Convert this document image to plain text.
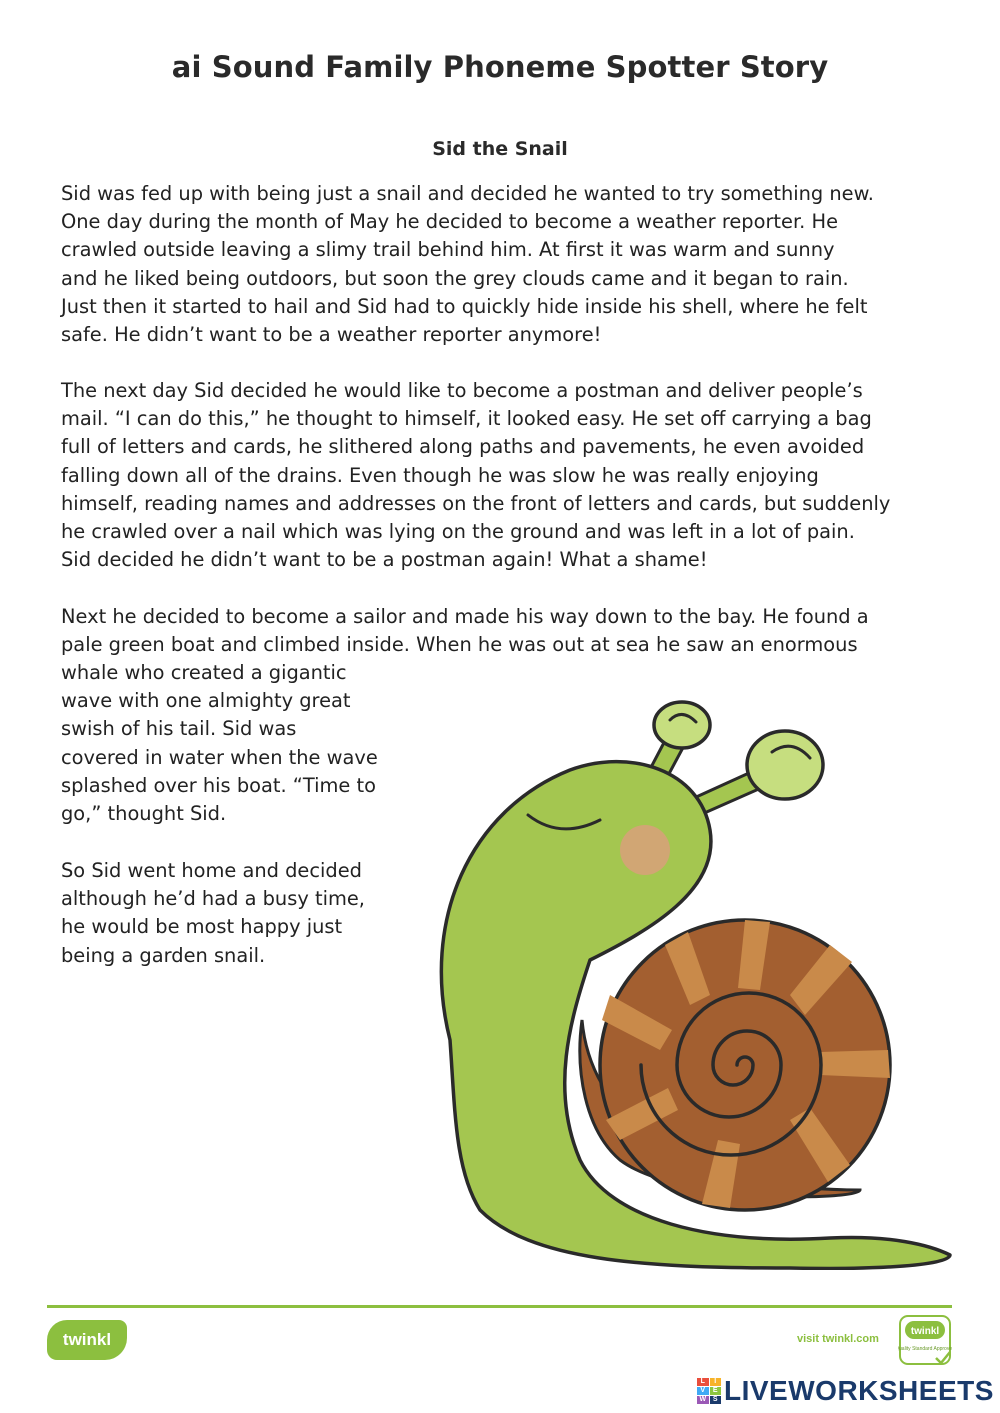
ai Sound Family Phoneme Spotter Story
Sid the Snail
Sid was fed up with being just a snail and decided he wanted to try something new.
One day during the month of May he decided to become a weather reporter. He
crawled outside leaving a slimy trail behind him. At first it was warm and sunny
and he liked being outdoors, but soon the grey clouds came and it began to rain.
Just then it started to hail and Sid had to quickly hide inside his shell, where he felt
safe. He didn’t want to be a weather reporter anymore!
The next day Sid decided he would like to become a postman and deliver people’s
mail. “I can do this,” he thought to himself, it looked easy. He set off carrying a bag
full of letters and cards, he slithered along paths and pavements, he even avoided
falling down all of the drains. Even though he was slow he was really enjoying
himself, reading names and addresses on the front of letters and cards, but suddenly
he crawled over a nail which was lying on the ground and was left in a lot of pain.
Sid decided he didn’t want to be a postman again! What a shame!
Next he decided to become a sailor and made his way down to the bay. He found a
pale green boat and climbed inside. When he was out at sea he saw an enormous
whale who created a gigantic
wave with one almighty great
swish of his tail. Sid was
covered in water when the wave
splashed over his boat. “Time to
go,” thought Sid.
So Sid went home and decided
although he’d had a busy time,
he would be most happy just
being a garden snail.
twinkl	visit twinkl.com
twinkl
Quality Standard Approved
L	I
V	E
W S LIVEWORKSHEETS
